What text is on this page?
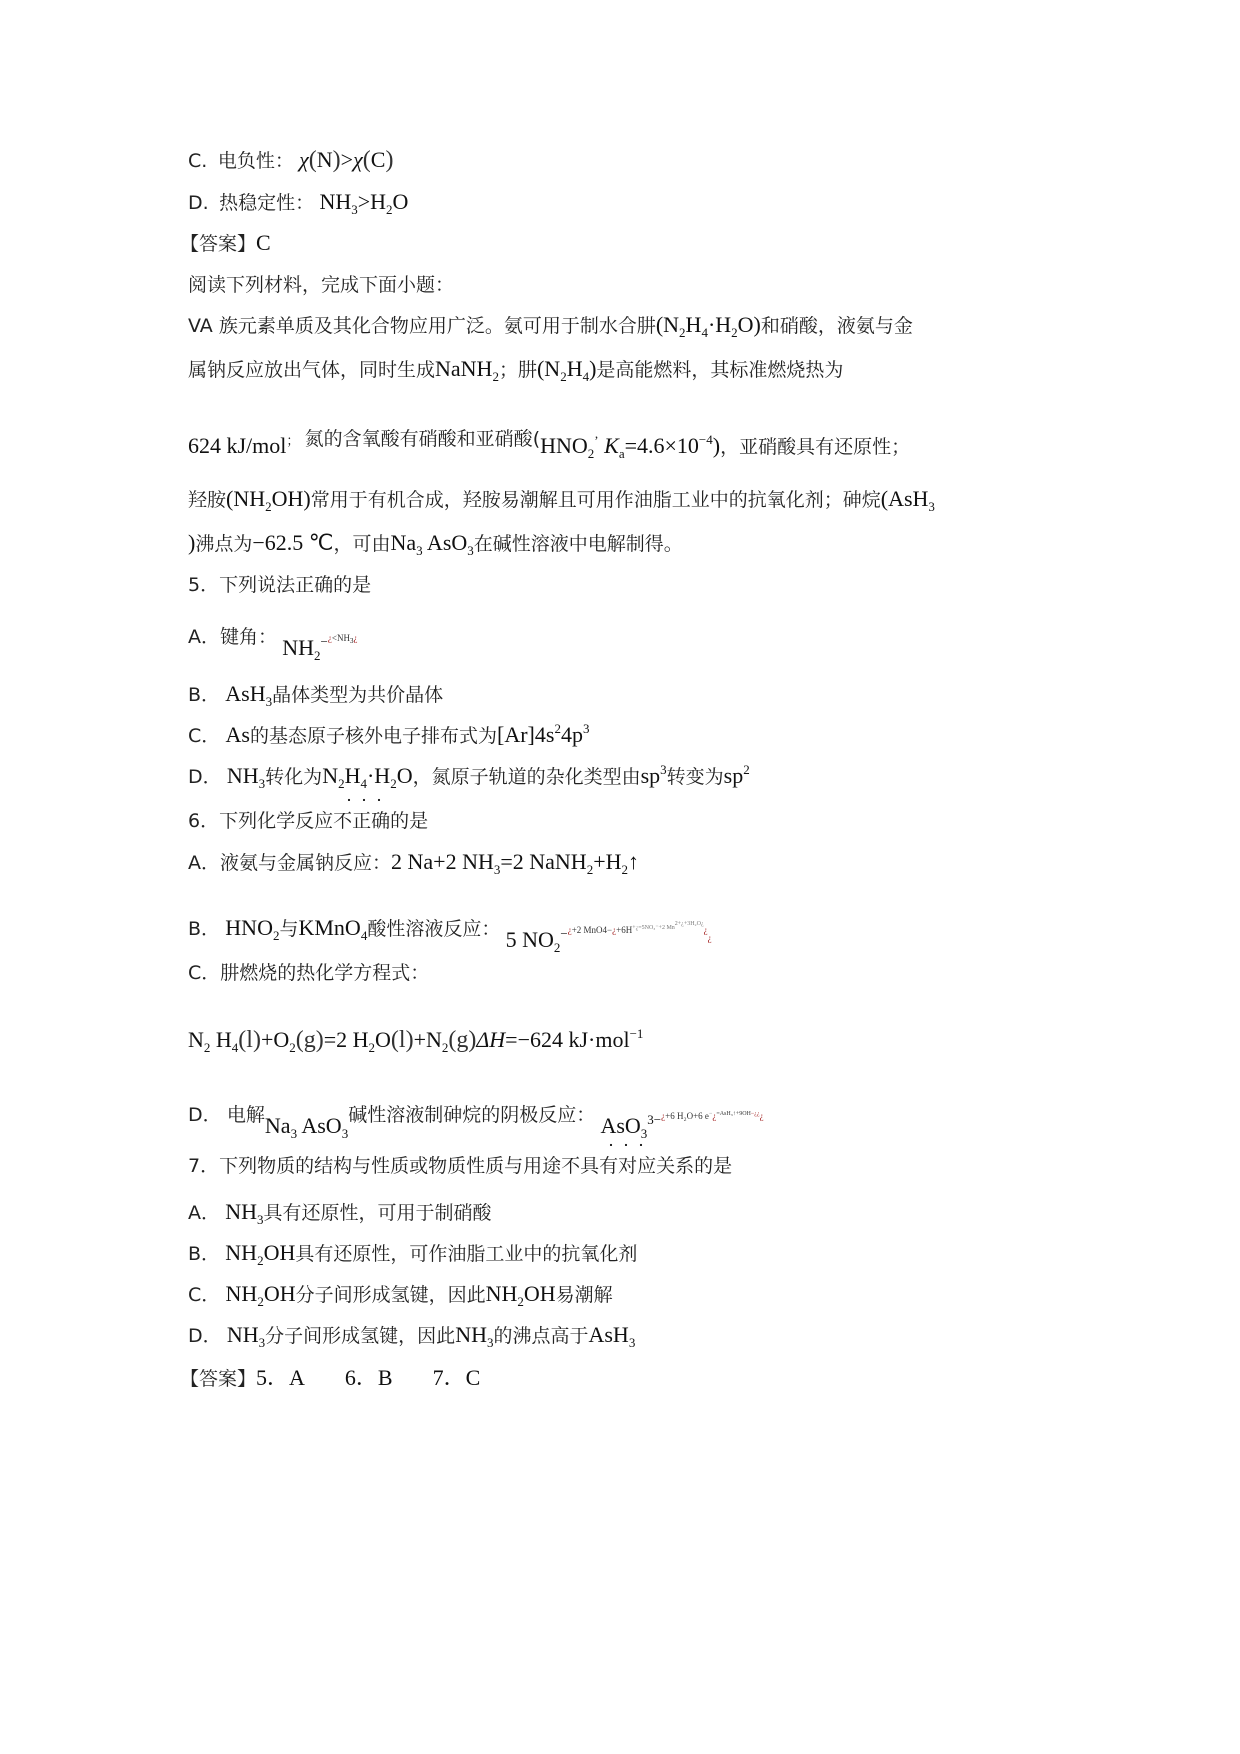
C. 电负性： χ(N)>χ(C)
D. 热稳定性： $NH_3>H_2O$
【答案】C
阅读下列材料，完成下面小题：
VA 族元素单质及其化合物应用广泛。氨可用于制水合肼$(N_2H_4\cdot H_2O)$和硝酸，液氨与金
属钠反应放出气体，同时生成NaNH$_2$；肼$(N_2H_4)$是高能燃料，其标准燃烧热为
624 kJ/mol； 氮的含氧酸有硝酸和亚硝酸($HNO_2^’$ $K_a=4.6\times 10^{-4}$)，亚硝酸具有还原性；
羟胺$(NH_2OH)$常用于有机合成，羟胺易潮解且可用作油脂工业中的抗氧化剂；砷烷(AsH$_3$
)沸点为−62.5 ℃，可由$Na_3$ AsO$_3$在碱性溶液中电解制得。
5．下列说法正确的是
A．键角： $NH_2^{-¿<NH3¿}$
B． AsH$_3$晶体类型为共价晶体
C． As的基态原子核外电子排布式为$[Ar]4s^24p^3$
D． $NH_3$转化为$N_2H_4\cdot H_2O$，氮原子轨道的杂化类型由$sp^3$转变为$sp^2$
·  ·  ·
6．下列化学反应不正确的是
A．液氨与金属钠反应：2 Na+2 $NH_3=2$ $NaNH_2+H_2↑$
B． $HNO_2$与KMnO$_4$酸性溶液反应： 5 $NO_2^{-¿+2 MnO4-¿+6H+¿=5NO_3^-+2 Mn2+¿+3H_2O¿¿¿}$
C．肼燃烧的热化学方程式：
$N_2$ $H_4(l)+O_2(g)=2$ $H_2O(l)+N_2(g)\Delta H=-624$ kJ·mol$^{-1}$
D． 电解$Na_3$ AsO$_3$碱性溶液制砷烷的阴极反应： AsO$_3^{3-¿+6 H_2O+6 e-¿=AsH_3↑+9OH-¿¿¿}$
·  ·  ·
7．下列物质的结构与性质或物质性质与用途不具有对应关系的是
A． $NH_3$具有还原性，可用于制硝酸
B． $NH_2OH$具有还原性，可作油脂工业中的抗氧化剂
C． $NH_2OH$分子间形成氢键，因此$NH_2OH$易潮解
D． $NH_3$分子间形成氢键，因此$NH_3$的沸点高于AsH$_3$
【答案】5．A 6．B 7．C
